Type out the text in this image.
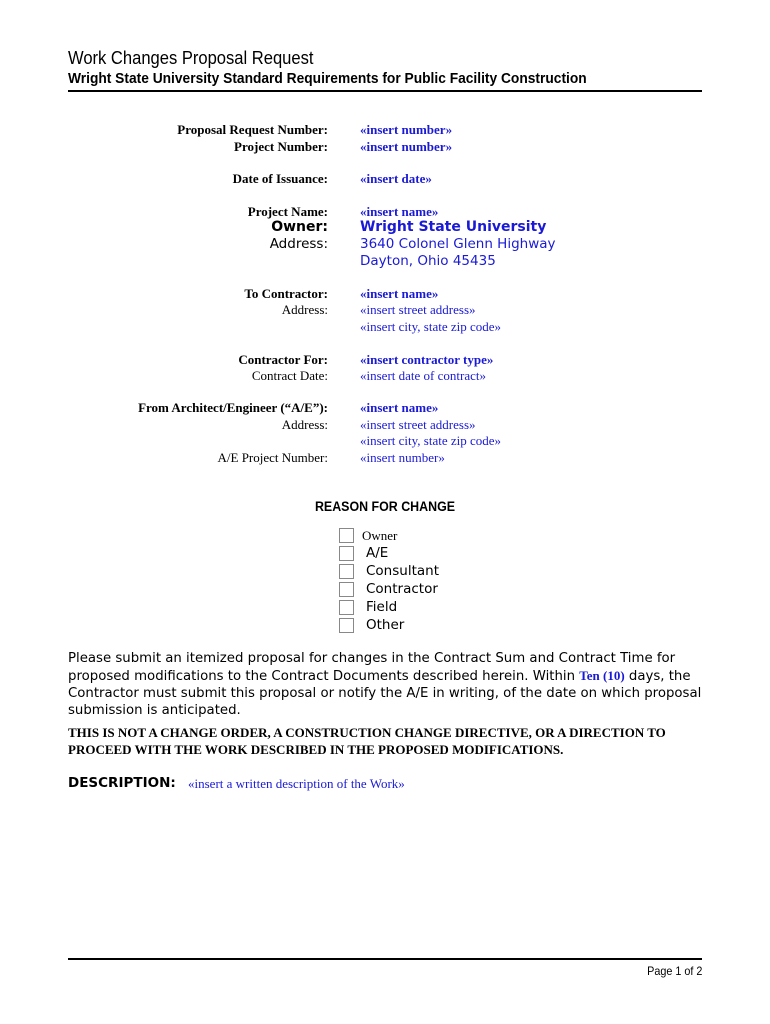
Work Changes Proposal Request
Wright State University Standard Requirements for Public Facility Construction
Proposal Request Number: «insert number»
Project Number: «insert number»
Date of Issuance: «insert date»
Project Name: «insert name»
Owner: Wright State University
Address: 3640 Colonel Glenn Highway
Dayton, Ohio 45435
To Contractor: «insert name»
Address: «insert street address»
«insert city, state zip code»
Contractor For: «insert contractor type»
Contract Date: «insert date of contract»
From Architect/Engineer (“A/E”): «insert name»
Address: «insert street address»
«insert city, state zip code»
A/E Project Number: «insert number»
REASON FOR CHANGE
Owner
A/E
Consultant
Contractor
Field
Other
Please submit an itemized proposal for changes in the Contract Sum and Contract Time for proposed modifications to the Contract Documents described herein. Within Ten (10) days, the Contractor must submit this proposal or notify the A/E in writing, of the date on which proposal submission is anticipated.
THIS IS NOT A CHANGE ORDER, A CONSTRUCTION CHANGE DIRECTIVE, OR A DIRECTION TO PROCEED WITH THE WORK DESCRIBED IN THE PROPOSED MODIFICATIONS.
DESCRIPTION: «insert a written description of the Work»
Page 1 of 2
